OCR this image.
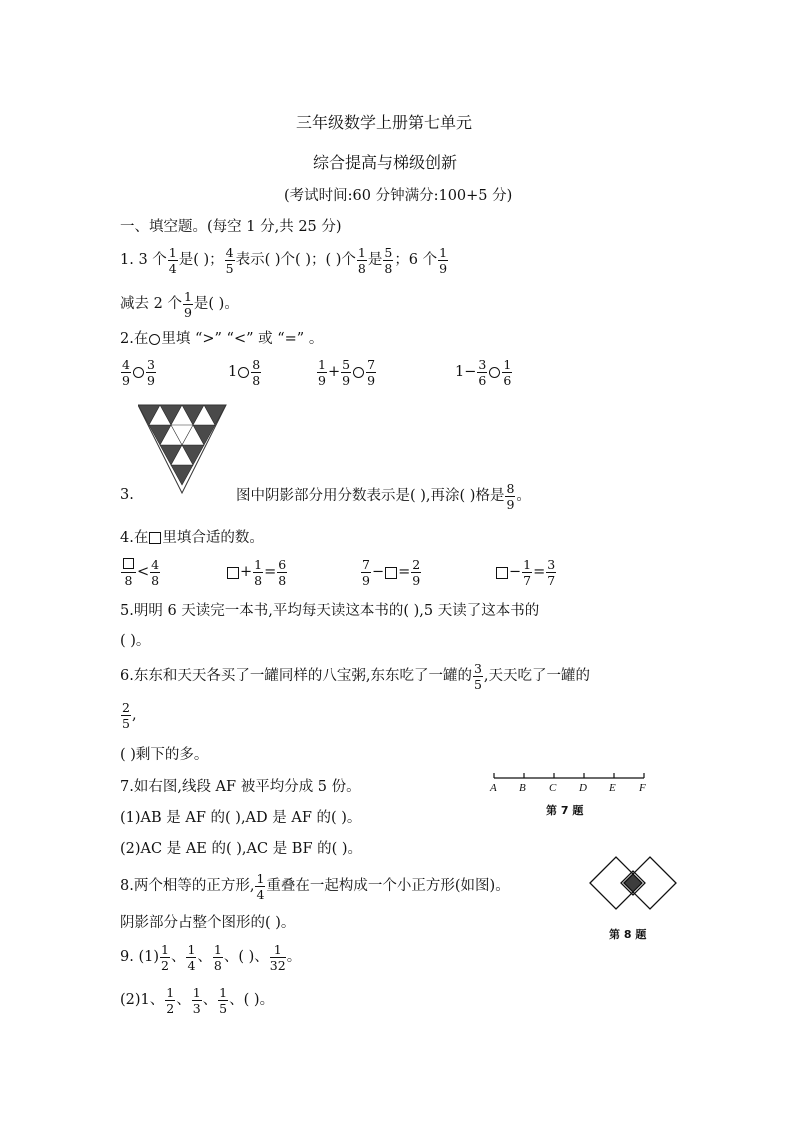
三年级数学上册第七单元
综合提高与梯级创新
(考试时间:60 分钟满分:100+5 分)
一、填空题。(每空 1 分,共 25 分)
1. 3 个 $\frac{1}{4}$ 是( )； $\frac{4}{5}$ 表示( )个( )；( )个 $\frac{1}{8}$ 是 $\frac{5}{8}$ ；6 个 $\frac{1}{9}$
减去 2 个 $\frac{1}{9}$ 是( )。
2.在 里填 “>” “<” 或 “=” 。
$\frac{4}{9} \frac{3}{9}$	$1 \frac{8}{8}$	$\frac{1}{9} + \frac{5}{9} \frac{7}{9}$	$1- \frac{3}{6} \frac{1}{6}$
3.	图中阴影部分用分数表示是( ),再涂( )格是 $\frac{8}{9}$ 。
4.在 里填合适的数。
8
< $\frac{4}{8}$	+ $\frac{1}{8} = \frac{6}{8}$	$\frac{7}{9}$ − = $\frac{2}{9}$	− $\frac{1}{7} = \frac{3}{7}$
5.明明 6 天读完一本书,平均每天读这本书的( ),5 天读了这本书的
( )。
6.东东和天天各买了一罐同样的八宝粥,东东吃了一罐的 $\frac{3}{5}$ ,天天吃了一罐的
$\frac{2}{5}$ ,
( )剩下的多。
7.如右图,线段 AF 被平均分成 5 份。
(1)AB 是 AF 的( ),AD 是 AF 的( )。
(2)AC 是 AE 的( ),AC 是 BF 的( )。
A B C D E F
第 7 题
8.两个相等的正方形, $\frac{1}{4}$ 重叠在一起构成一个小正方形(如图)。
阴影部分占整个图形的( )。
第 8 题
9. $(1) \frac{1}{2}$ 、 $\frac{1}{4}$ 、 $\frac{1}{8}$ 、( )、 $\frac{1}{32}$ 。
(2)1、 $\frac{1}{2}$ 、 $\frac{1}{3}$ 、 $\frac{1}{5}$ 、( )。
